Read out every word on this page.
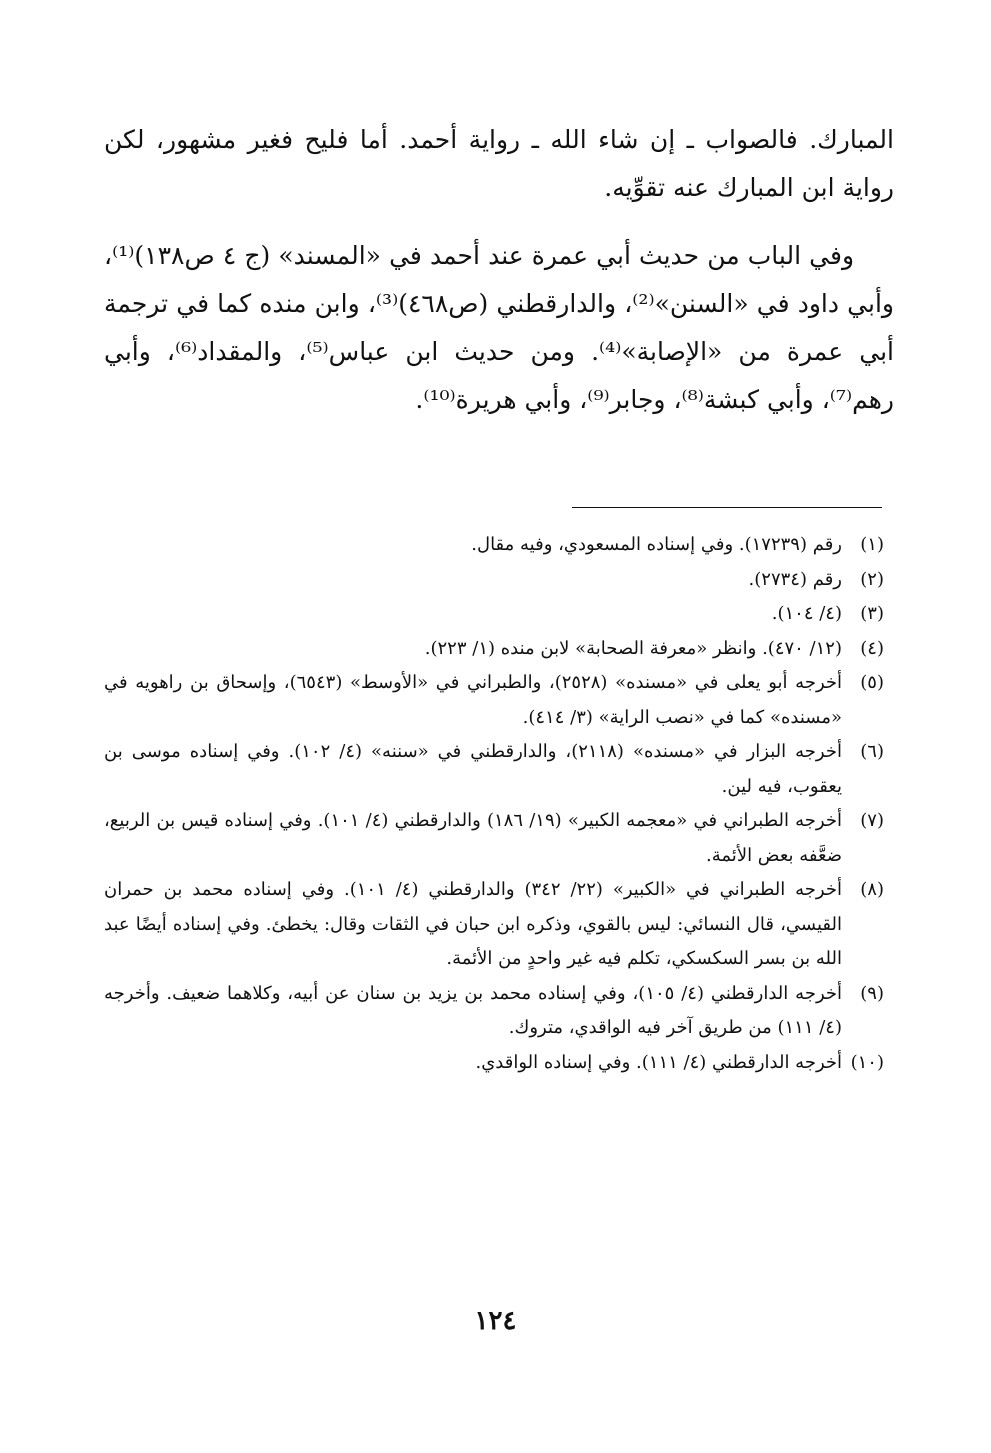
المبارك. فالصواب ـ إن شاء الله ـ رواية أحمد. أما فليح فغير مشهور، لكن رواية ابن المبارك عنه تقوِّيه.

وفي الباب من حديث أبي عمرة عند أحمد في «المسند» (ج ٤ ص١٣٨)⁽¹⁾، وأبي داود في «السنن»⁽²⁾، والدارقطني (ص٤٦٨)⁽³⁾، وابن منده كما في ترجمة أبي عمرة من «الإصابة»⁽⁴⁾. ومن حديث ابن عباس⁽⁵⁾، والمقداد⁽⁶⁾، وأبي رهم⁽⁷⁾، وأبي كبشة⁽⁸⁾، وجابر⁽⁹⁾، وأبي هريرة⁽¹⁰⁾.

(١)
رقم (١٧٢٣٩). وفي إسناده المسعودي، وفيه مقال.
(٢)
رقم (٢٧٣٤).
(٣)
(٤/ ١٠٤).
(٤)
(١٢/ ٤٧٠). وانظر «معرفة الصحابة» لابن منده (١/ ٢٢٣).
(٥)
أخرجه أبو يعلى في «مسنده» (٢٥٢٨)، والطبراني في «الأوسط» (٦٥٤٣)، وإسحاق بن راهويه في «مسنده» كما في «نصب الراية» (٣/ ٤١٤).
(٦)
أخرجه البزار في «مسنده» (٢١١٨)، والدارقطني في «سننه» (٤/ ١٠٢). وفي إسناده موسى بن يعقوب، فيه لين.
(٧)
أخرجه الطبراني في «معجمه الكبير» (١٩/ ١٨٦) والدارقطني (٤/ ١٠١). وفي إسناده قيس بن الربيع، ضعَّفه بعض الأئمة.
(٨)
أخرجه الطبراني في «الكبير» (٢٢/ ٣٤٢) والدارقطني (٤/ ١٠١). وفي إسناده محمد بن حمران القيسي، قال النسائي: ليس بالقوي، وذكره ابن حبان في الثقات وقال: يخطئ. وفي إسناده أيضًا عبد الله بن بسر السكسكي، تكلم فيه غير واحدٍ من الأئمة.
(٩)
أخرجه الدارقطني (٤/ ١٠٥)، وفي إسناده محمد بن يزيد بن سنان عن أبيه، وكلاهما ضعيف. وأخرجه (٤/ ١١١) من طريق آخر فيه الواقدي، متروك.
(١٠)
أخرجه الدارقطني (٤/ ١١١). وفي إسناده الواقدي.
١٢٤
